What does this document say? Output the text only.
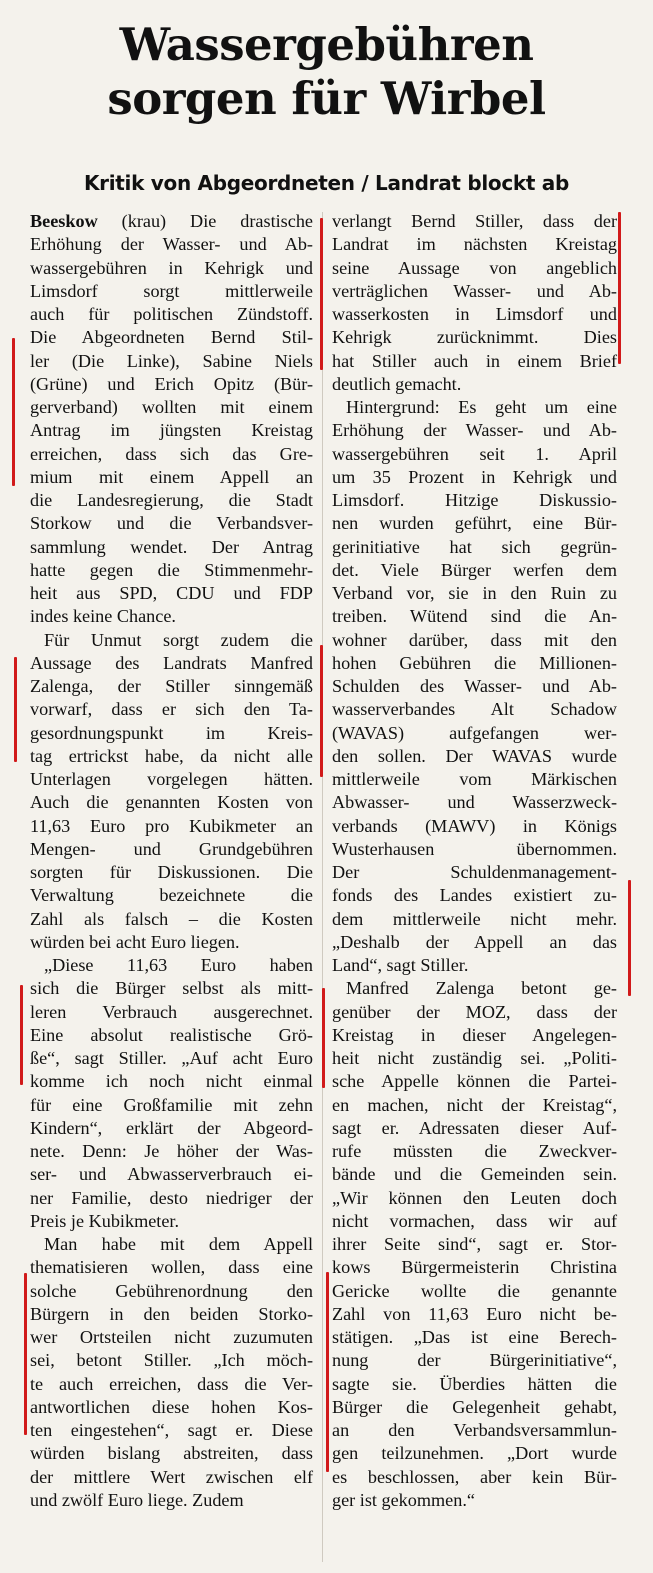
Wassergebühren
sorgen für Wirbel
Kritik von Abgeordneten / Landrat blockt ab
Beeskow (krau) Die drastische
Erhöhung der Wasser- und Ab-
wassergebühren in Kehrigk und
Limsdorf sorgt mittlerweile
auch für politischen Zündstoff.
Die Abgeordneten Bernd Stil-
ler (Die Linke), Sabine Niels
(Grüne) und Erich Opitz (Bür-
gerverband) wollten mit einem
Antrag im jüngsten Kreistag
erreichen, dass sich das Gre-
mium mit einem Appell an
die Landesregierung, die Stadt
Storkow und die Verbandsver-
sammlung wendet. Der Antrag
hatte gegen die Stimmenmehr-
heit aus SPD, CDU und FDP
indes keine Chance.
Für Unmut sorgt zudem die
Aussage des Landrats Manfred
Zalenga, der Stiller sinngemäß
vorwarf, dass er sich den Ta-
gesordnungspunkt im Kreis-
tag ertrickst habe, da nicht alle
Unterlagen vorgelegen hätten.
Auch die genannten Kosten von
11,63 Euro pro Kubikmeter an
Mengen- und Grundgebühren
sorgten für Diskussionen. Die
Verwaltung bezeichnete die
Zahl als falsch – die Kosten
würden bei acht Euro liegen.
„Diese 11,63 Euro haben
sich die Bürger selbst als mitt-
leren Verbrauch ausgerechnet.
Eine absolut realistische Grö-
ße“, sagt Stiller. „Auf acht Euro
komme ich noch nicht einmal
für eine Großfamilie mit zehn
Kindern“, erklärt der Abgeord-
nete. Denn: Je höher der Was-
ser- und Abwasserverbrauch ei-
ner Familie, desto niedriger der
Preis je Kubikmeter.
Man habe mit dem Appell
thematisieren wollen, dass eine
solche Gebührenordnung den
Bürgern in den beiden Storko-
wer Ortsteilen nicht zuzumuten
sei, betont Stiller. „Ich möch-
te auch erreichen, dass die Ver-
antwortlichen diese hohen Kos-
ten eingestehen“, sagt er. Diese
würden bislang abstreiten, dass
der mittlere Wert zwischen elf
und zwölf Euro liege. Zudem
verlangt Bernd Stiller, dass der
Landrat im nächsten Kreistag
seine Aussage von angeblich
verträglichen Wasser- und Ab-
wasserkosten in Limsdorf und
Kehrigk zurücknimmt. Dies
hat Stiller auch in einem Brief
deutlich gemacht.
Hintergrund: Es geht um eine
Erhöhung der Wasser- und Ab-
wassergebühren seit 1. April
um 35 Prozent in Kehrigk und
Limsdorf. Hitzige Diskussio-
nen wurden geführt, eine Bür-
gerinitiative hat sich gegrün-
det. Viele Bürger werfen dem
Verband vor, sie in den Ruin zu
treiben. Wütend sind die An-
wohner darüber, dass mit den
hohen Gebühren die Millionen-
Schulden des Wasser- und Ab-
wasserverbandes Alt Schadow
(WAVAS) aufgefangen wer-
den sollen. Der WAVAS wurde
mittlerweile vom Märkischen
Abwasser- und Wasserzweck-
verbands (MAWV) in Königs
Wusterhausen übernommen.
Der Schuldenmanagement-
fonds des Landes existiert zu-
dem mittlerweile nicht mehr.
„Deshalb der Appell an das
Land“, sagt Stiller.
Manfred Zalenga betont ge-
genüber der MOZ, dass der
Kreistag in dieser Angelegen-
heit nicht zuständig sei. „Politi-
sche Appelle können die Partei-
en machen, nicht der Kreistag“,
sagt er. Adressaten dieser Auf-
rufe müssten die Zweckver-
bände und die Gemeinden sein.
„Wir können den Leuten doch
nicht vormachen, dass wir auf
ihrer Seite sind“, sagt er. Stor-
kows Bürgermeisterin Christina
Gericke wollte die genannte
Zahl von 11,63 Euro nicht be-
stätigen. „Das ist eine Berech-
nung der Bürgerinitiative“,
sagte sie. Überdies hätten die
Bürger die Gelegenheit gehabt,
an den Verbandsversammlun-
gen teilzunehmen. „Dort wurde
es beschlossen, aber kein Bür-
ger ist gekommen.“
